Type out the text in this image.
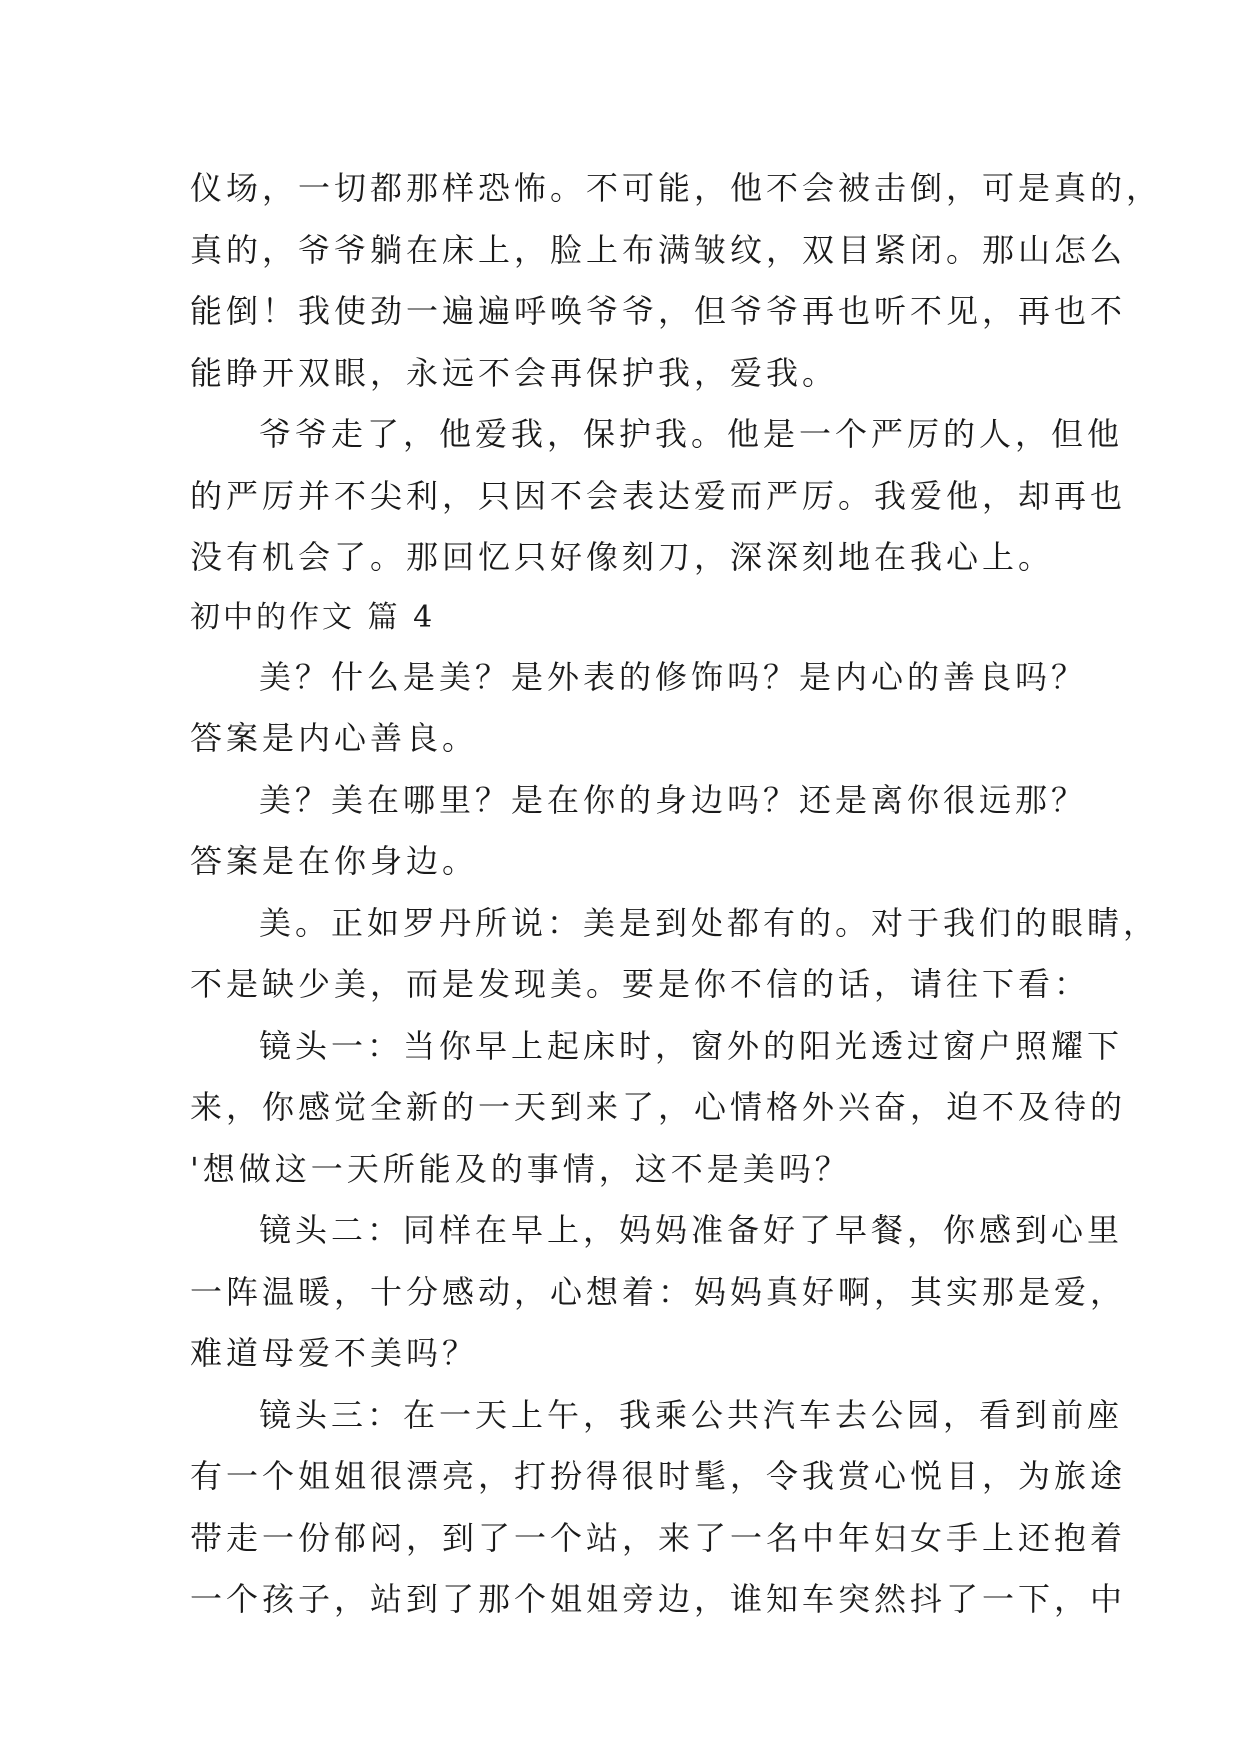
仪场，一切都那样恐怖。不可能，他不会被击倒，可是真的，
真的，爷爷躺在床上，脸上布满皱纹，双目紧闭。那山怎么
能倒！我使劲一遍遍呼唤爷爷，但爷爷再也听不见，再也不
能睁开双眼，永远不会再保护我，爱我。
爷爷走了，他爱我，保护我。他是一个严厉的人，但他
的严厉并不尖利，只因不会表达爱而严厉。我爱他，却再也
没有机会了。那回忆只好像刻刀，深深刻地在我心上。
初中的作文 篇 4
美？什么是美？是外表的修饰吗？是内心的善良吗？
答案是内心善良。
美？美在哪里？是在你的身边吗？还是离你很远那？
答案是在你身边。
美。正如罗丹所说：美是到处都有的。对于我们的眼睛，
不是缺少美，而是发现美。要是你不信的话，请往下看：
镜头一：当你早上起床时，窗外的阳光透过窗户照耀下
来，你感觉全新的一天到来了，心情格外兴奋，迫不及待的
'想做这一天所能及的事情，这不是美吗？
镜头二：同样在早上，妈妈准备好了早餐，你感到心里
一阵温暖，十分感动，心想着：妈妈真好啊，其实那是爱，
难道母爱不美吗？
镜头三：在一天上午，我乘公共汽车去公园，看到前座
有一个姐姐很漂亮，打扮得很时髦，令我赏心悦目，为旅途
带走一份郁闷，到了一个站，来了一名中年妇女手上还抱着
一个孩子，站到了那个姐姐旁边，谁知车突然抖了一下，中
